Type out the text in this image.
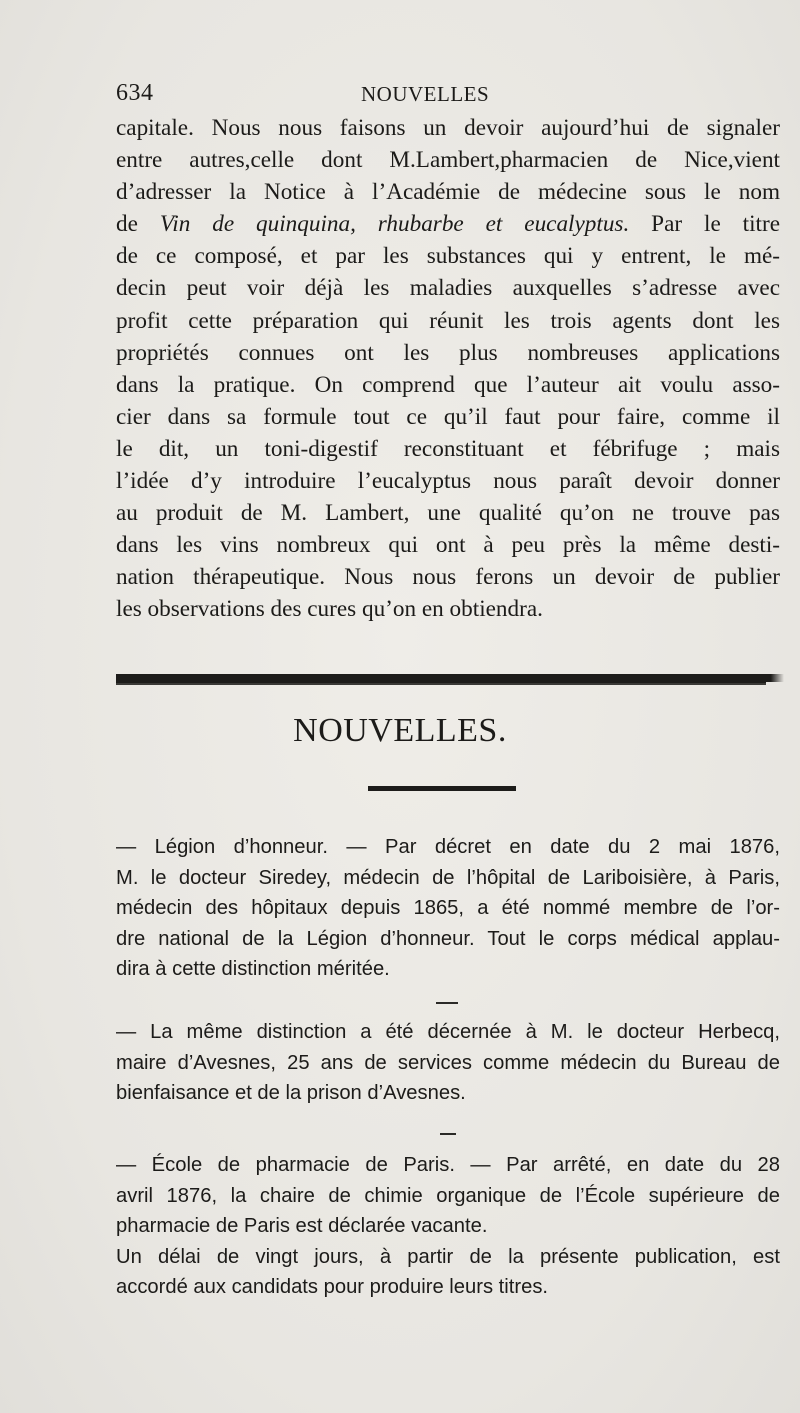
634	NOUVELLES
capitale. Nous nous faisons un devoir aujourd’hui de signaler
entre autres,celle dont M.Lambert,pharmacien de Nice,vient
d’adresser la Notice à l’Académie de médecine sous le nom
de Vin de quinquina, rhubarbe et eucalyptus. Par le titre
de ce composé, et par les substances qui y entrent, le mé-
decin peut voir déjà les maladies auxquelles s’adresse avec
profit cette préparation qui réunit les trois agents dont les
propriétés connues ont les plus nombreuses applications
dans la pratique. On comprend que l’auteur ait voulu asso-
cier dans sa formule tout ce qu’il faut pour faire, comme il
le dit, un toni-digestif reconstituant et fébrifuge ; mais
l’idée d’y introduire l’eucalyptus nous paraît devoir donner
au produit de M. Lambert, une qualité qu’on ne trouve pas
dans les vins nombreux qui ont à peu près la même desti-
nation thérapeutique. Nous nous ferons un devoir de publier
les observations des cures qu’on en obtiendra.
NOUVELLES.
— Légion d’honneur. — Par décret en date du 2 mai 1876,
M. le docteur Siredey, médecin de l’hôpital de Lariboisière, à Paris,
médecin des hôpitaux depuis 1865, a été nommé membre de l’or-
dre national de la Légion d’honneur. Tout le corps médical applau-
dira à cette distinction méritée.
— La même distinction a été décernée à M. le docteur Herbecq,
maire d’Avesnes, 25 ans de services comme médecin du Bureau de
bienfaisance et de la prison d’Avesnes.
— École de pharmacie de Paris. — Par arrêté, en date du 28
avril 1876, la chaire de chimie organique de l’École supérieure de
pharmacie de Paris est déclarée vacante.
Un délai de vingt jours, à partir de la présente publication, est
accordé aux candidats pour produire leurs titres.
